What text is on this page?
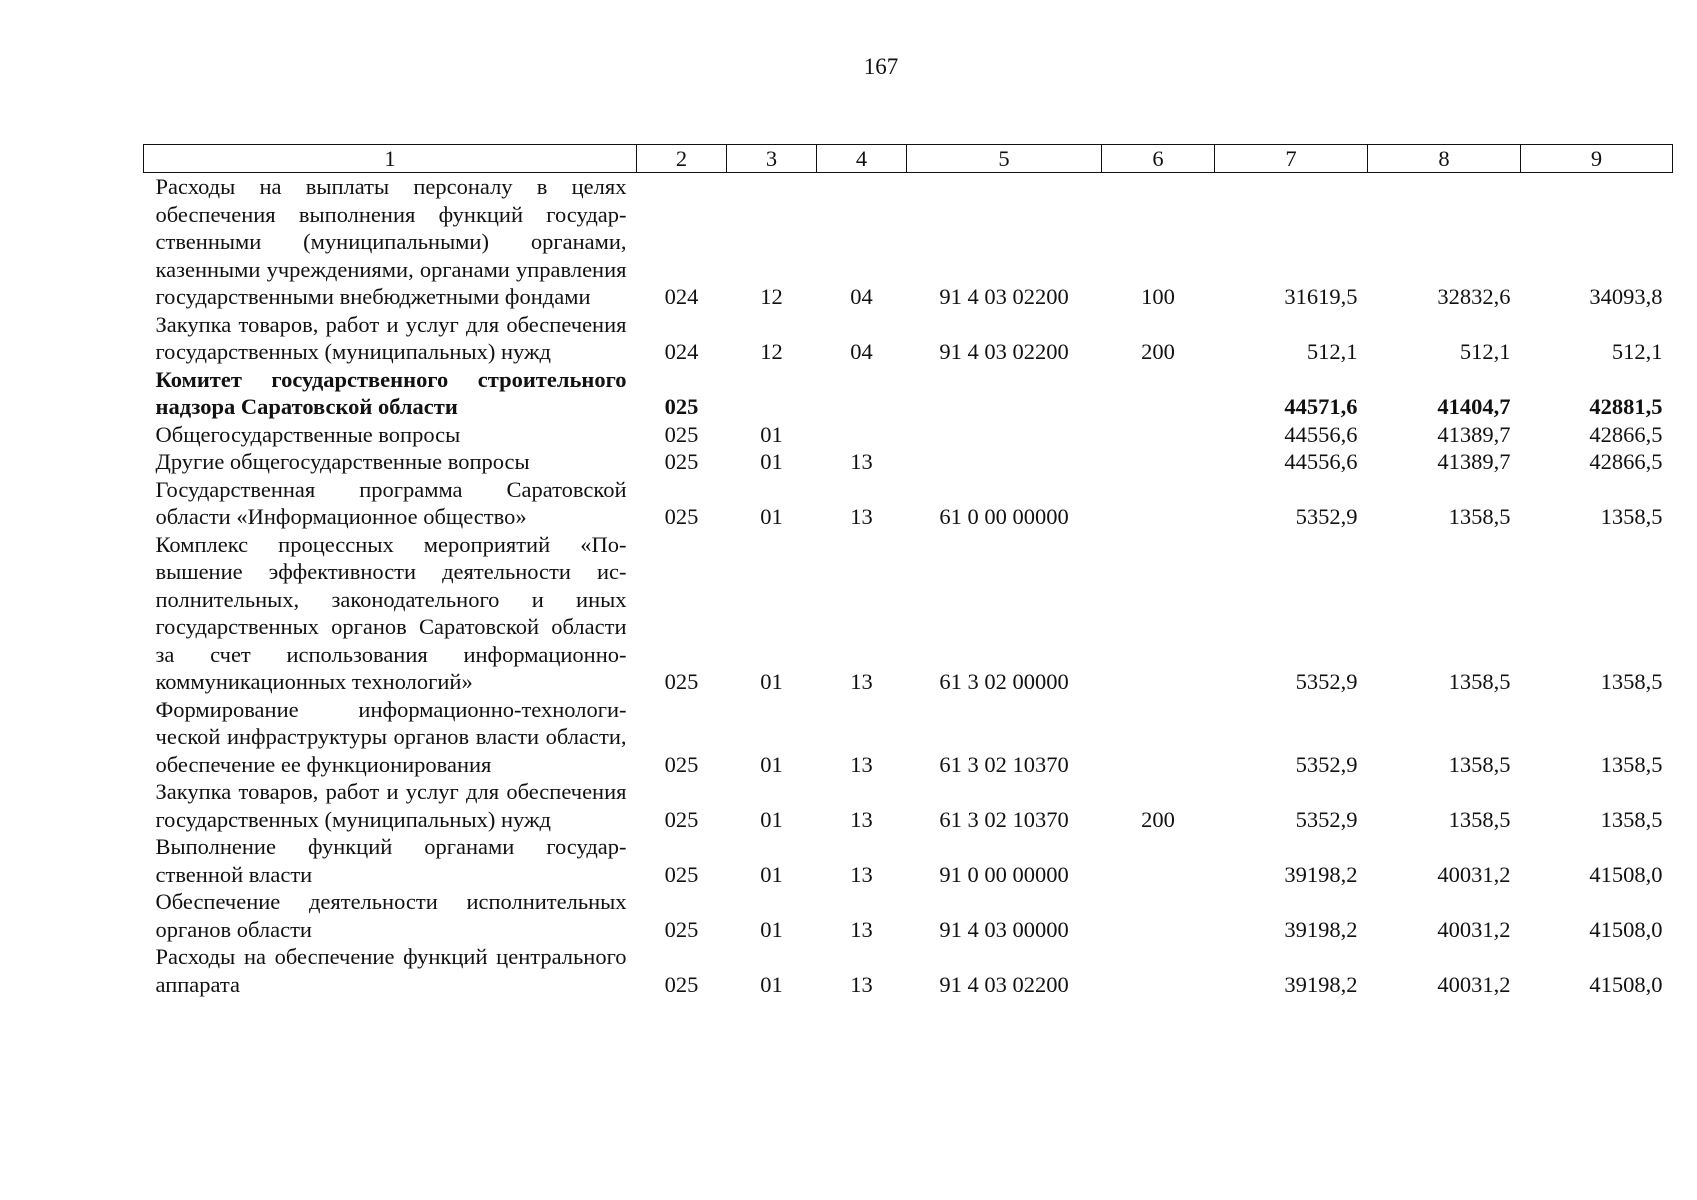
167
1	2	3	4	5	6	7	8	9
Расходы на выплаты персоналу в целях обеспечения выполнения функций государственными (муниципальными) органами, казенными учреждениями, органами управления государственными внебюджетными фондами	024	12	04	91 4 03 02200	100	31619,5	32832,6	34093,8
Закупка товаров, работ и услуг для обеспечения государственных (муниципальных) нужд	024	12	04	91 4 03 02200	200	512,1	512,1	512,1
Комитет государственного строительного надзора Саратовской области	025					44571,6	41404,7	42881,5
Общегосударственные вопросы	025	01				44556,6	41389,7	42866,5
Другие общегосударственные вопросы	025	01	13			44556,6	41389,7	42866,5
Государственная программа Саратовской области «Информационное общество»	025	01	13	61 0 00 00000		5352,9	1358,5	1358,5
Комплекс процессных мероприятий «Повышение эффективности деятельности исполнительных, законодательного и иных государственных органов Саратовской области за счет использования информационно-коммуникационных технологий»	025	01	13	61 3 02 00000		5352,9	1358,5	1358,5
Формирование информационно-технологической инфраструктуры органов власти области, обеспечение ее функционирования	025	01	13	61 3 02 10370		5352,9	1358,5	1358,5
Закупка товаров, работ и услуг для обеспечения государственных (муниципальных) нужд	025	01	13	61 3 02 10370	200	5352,9	1358,5	1358,5
Выполнение функций органами государственной власти	025	01	13	91 0 00 00000		39198,2	40031,2	41508,0
Обеспечение деятельности исполнительных органов области	025	01	13	91 4 03 00000		39198,2	40031,2	41508,0
Расходы на обеспечение функций центрального аппарата	025	01	13	91 4 03 02200		39198,2	40031,2	41508,0
